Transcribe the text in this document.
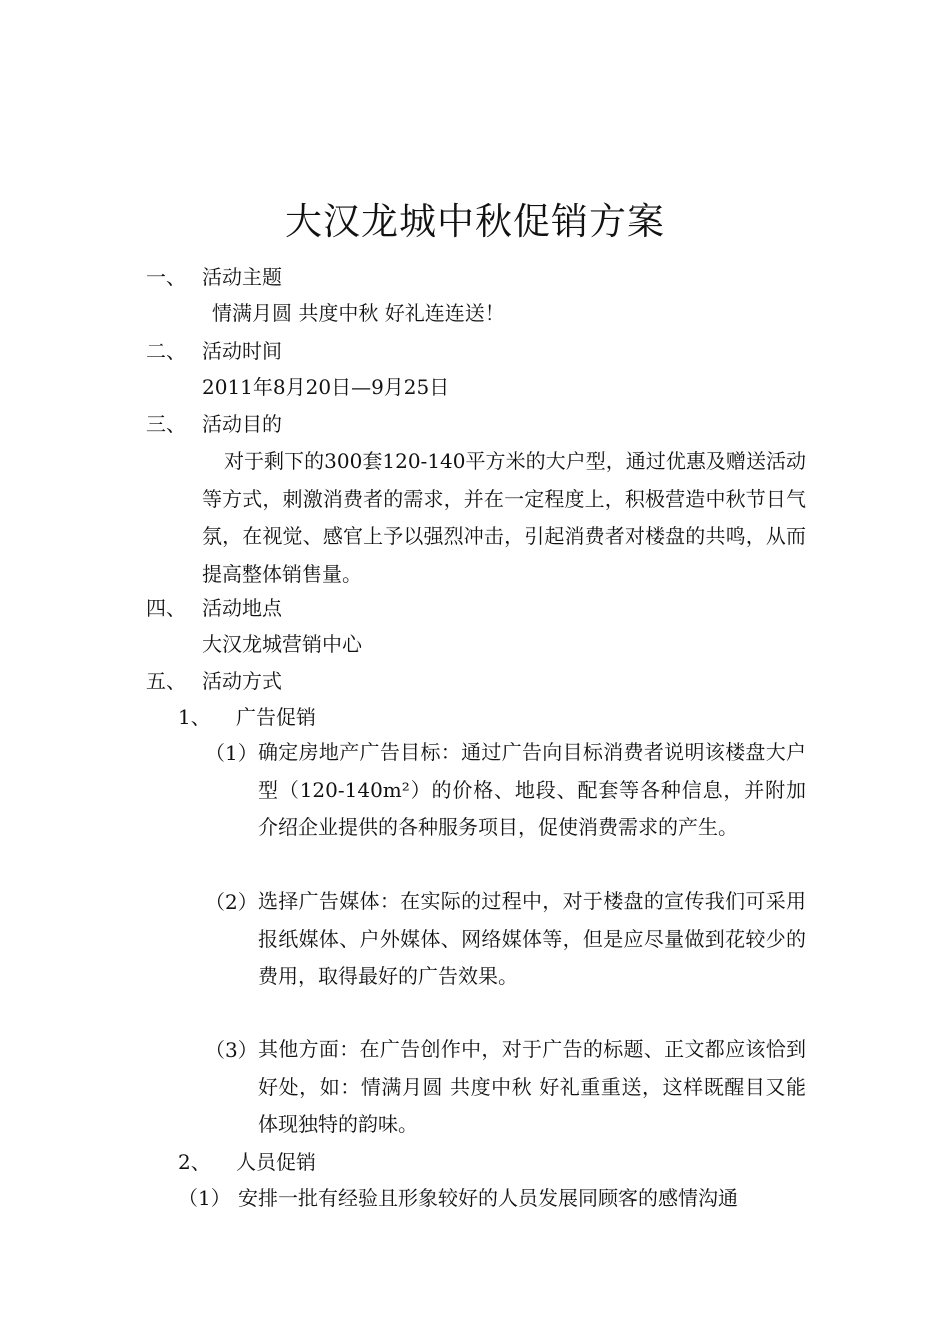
大汉龙城中秋促销方案
一、 活动主题
情满月圆 共度中秋 好礼连连送！
二、 活动时间
2011年8月20日—9月25日
三、 活动目的
对于剩下的300套120-140平方米的大户型，通过优惠及赠送活动等方式，刺激消费者的需求，并在一定程度上，积极营造中秋节日气氛，在视觉、感官上予以强烈冲击，引起消费者对楼盘的共鸣，从而提高整体销售量。
四、 活动地点
大汉龙城营销中心
五、 活动方式
1、 广告促销
（1） 确定房地产广告目标：通过广告向目标消费者说明该楼盘大户型（120-140m²）的价格、地段、配套等各种信息，并附加介绍企业提供的各种服务项目，促使消费需求的产生。
（2） 选择广告媒体：在实际的过程中，对于楼盘的宣传我们可采用报纸媒体、户外媒体、网络媒体等，但是应尽量做到花较少的费用，取得最好的广告效果。
（3） 其他方面：在广告创作中，对于广告的标题、正文都应该恰到好处，如：情满月圆 共度中秋 好礼重重送，这样既醒目又能体现独特的韵味。
2、 人员促销
（1） 安排一批有经验且形象较好的人员发展同顾客的感情沟通
